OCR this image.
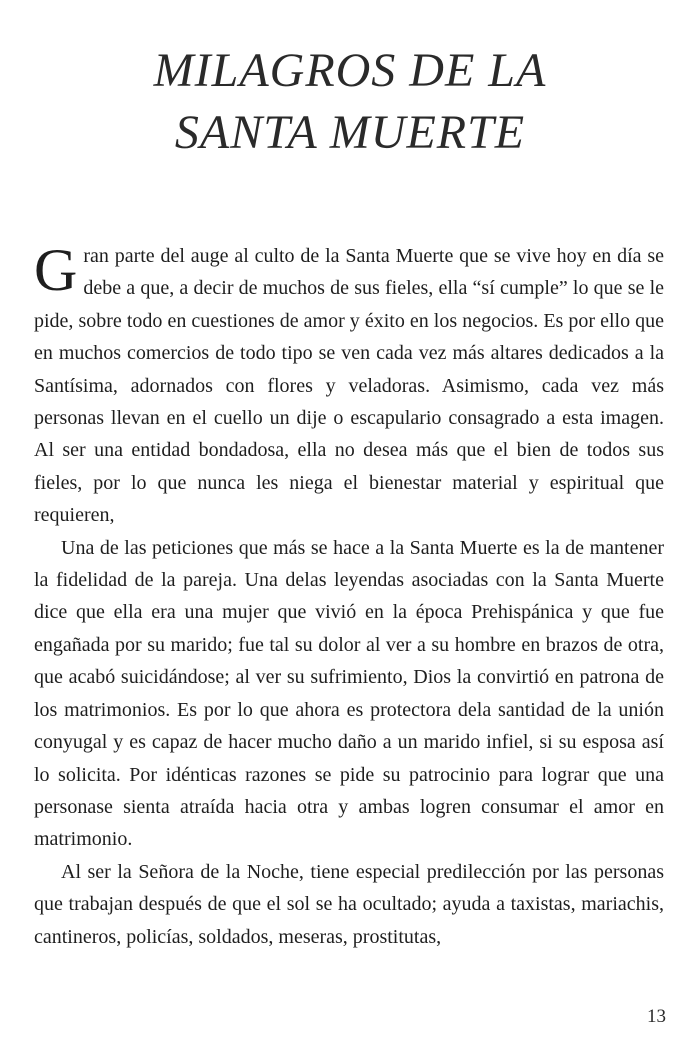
MILAGROS DE LA
SANTA MUERTE

Gran parte del auge al culto de la Santa Muerte que se vive hoy en día se debe a que, a decir de muchos de sus fieles, ella “sí cumple” lo que se le pide, sobre todo en cuestiones de amor y éxito en los negocios. Es por ello que en muchos comercios de todo tipo se ven cada vez más altares dedicados a la Santísima, adornados con flores y veladoras. Asimismo, cada vez más personas llevan en el cuello un dije o escapulario consagrado a esta imagen. Al ser una entidad bondadosa, ella no desea más que el bien de todos sus fieles, por lo que nunca les niega el bienestar material y espiritual que requieren,

Una de las peticiones que más se hace a la Santa Muerte es la de mantener la fidelidad de la pareja. Una delas leyendas asociadas con la Santa Muerte dice que ella era una mujer que vivió en la época Prehispánica y que fue engañada por su marido; fue tal su dolor al ver a su hombre en brazos de otra, que acabó suicidándose; al ver su sufrimiento, Dios la convirtió en patrona de los matrimonios. Es por lo que ahora es protectora dela santidad de la unión conyugal y es capaz de hacer mucho daño a un marido infiel, si su esposa así lo solicita. Por idénticas razones se pide su patrocinio para lograr que una personase sienta atraída hacia otra y ambas logren consumar el amor en matrimonio.

Al ser la Señora de la Noche, tiene especial predilección por las personas que trabajan después de que el sol se ha ocultado; ayuda a taxistas, mariachis, cantineros, policías, soldados, meseras, prostitutas,

13
